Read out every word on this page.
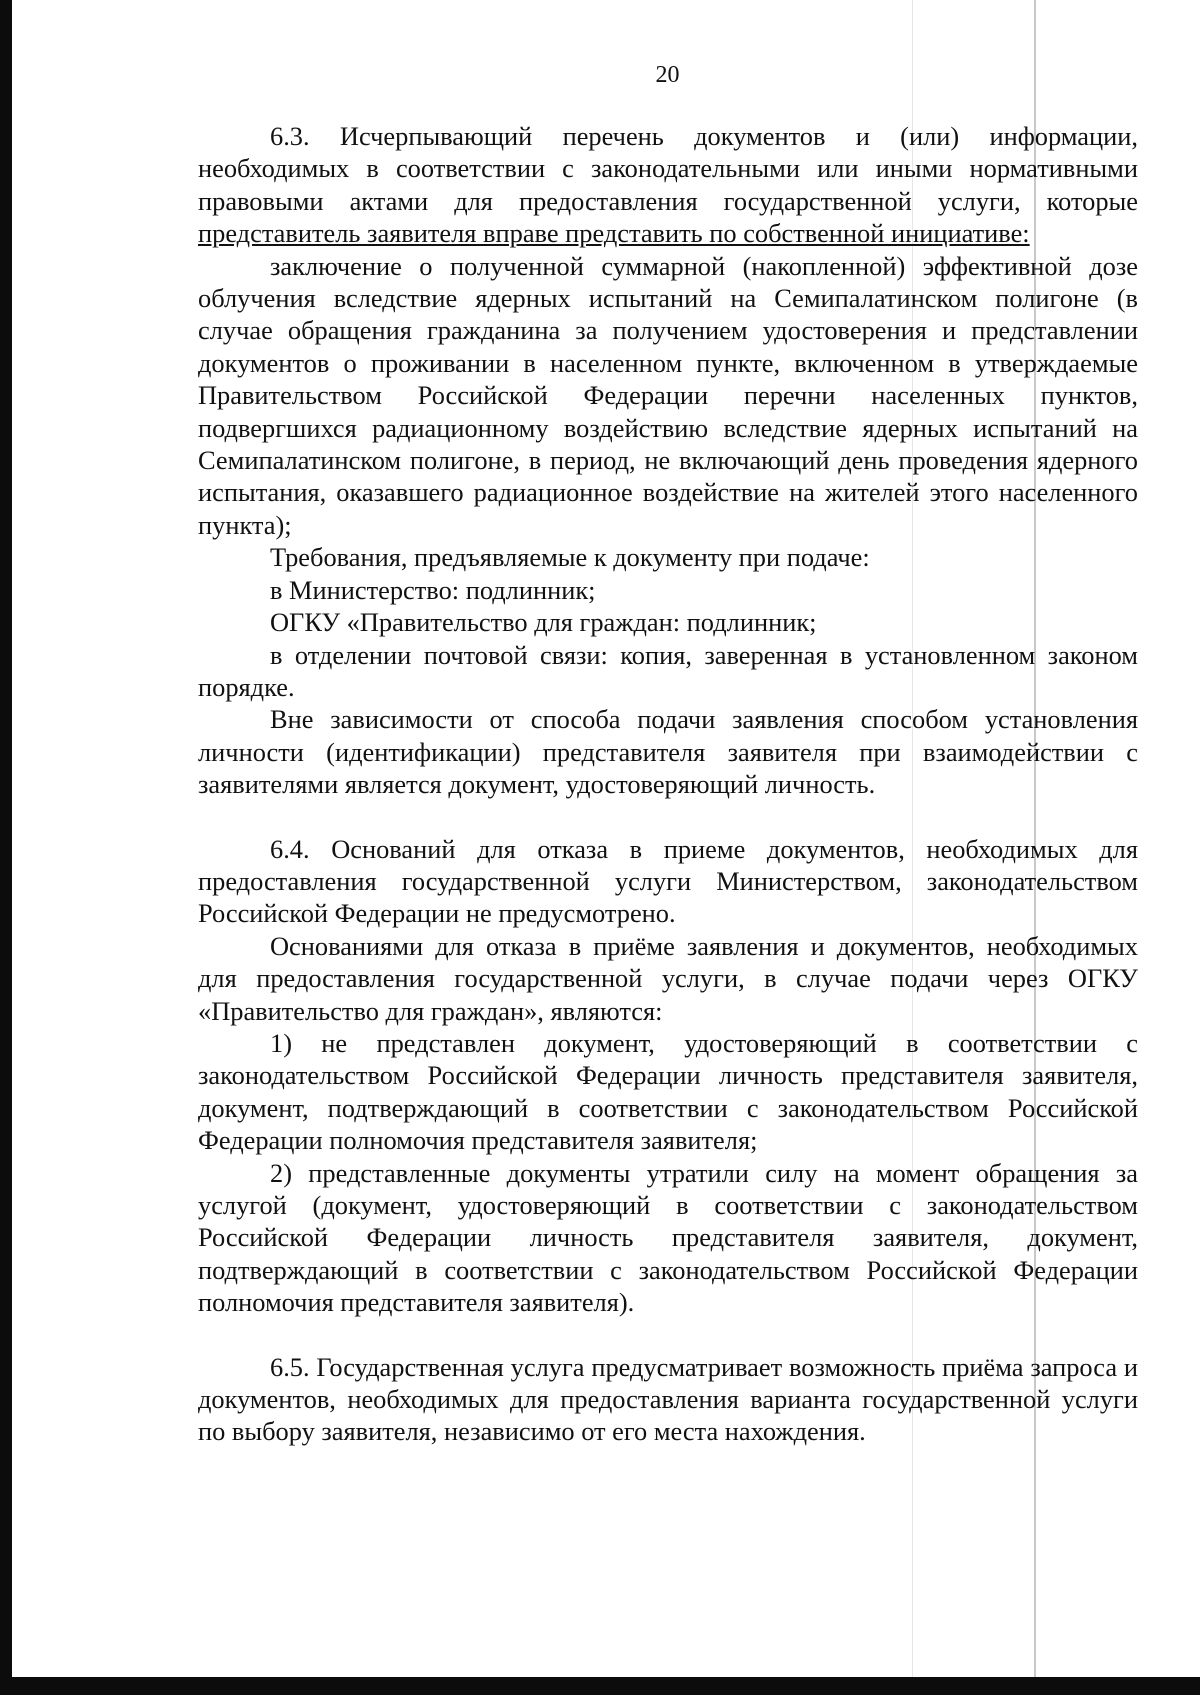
20

6.3. Исчерпывающий перечень документов и (или) информации, необходимых в соответствии с законодательными или иными нормативными правовыми актами для предоставления государственной услуги, которые представитель заявителя вправе представить по собственной инициативе:

заключение о полученной суммарной (накопленной) эффективной дозе облучения вследствие ядерных испытаний на Семипалатинском полигоне (в случае обращения гражданина за получением удостоверения и представлении документов о проживании в населенном пункте, включенном в утверждаемые Правительством Российской Федерации перечни населенных пунктов, подвергшихся радиационному воздействию вследствие ядерных испытаний на Семипалатинском полигоне, в период, не включающий день проведения ядерного испытания, оказавшего радиационное воздействие на жителей этого населенного пункта);

Требования, предъявляемые к документу при подаче:

в Министерство: подлинник;

ОГКУ «Правительство для граждан: подлинник;

в отделении почтовой связи: копия, заверенная в установленном законом порядке.

Вне зависимости от способа подачи заявления способом установления личности (идентификации) представителя заявителя при взаимодействии с заявителями является документ, удостоверяющий личность.

6.4. Оснований для отказа в приеме документов, необходимых для предоставления государственной услуги Министерством, законодательством Российской Федерации не предусмотрено.

Основаниями для отказа в приёме заявления и документов, необходимых для предоставления государственной услуги, в случае подачи через ОГКУ «Правительство для граждан», являются:

1) не представлен документ, удостоверяющий в соответствии с законодательством Российской Федерации личность представителя заявителя, документ, подтверждающий в соответствии с законодательством Российской Федерации полномочия представителя заявителя;

2) представленные документы утратили силу на момент обращения за услугой (документ, удостоверяющий в соответствии с законодательством Российской Федерации личность представителя заявителя, документ, подтверждающий в соответствии с законодательством Российской Федерации полномочия представителя заявителя).

6.5. Государственная услуга предусматривает возможность приёма запроса и документов, необходимых для предоставления варианта государственной услуги по выбору заявителя, независимо от его места нахождения.
